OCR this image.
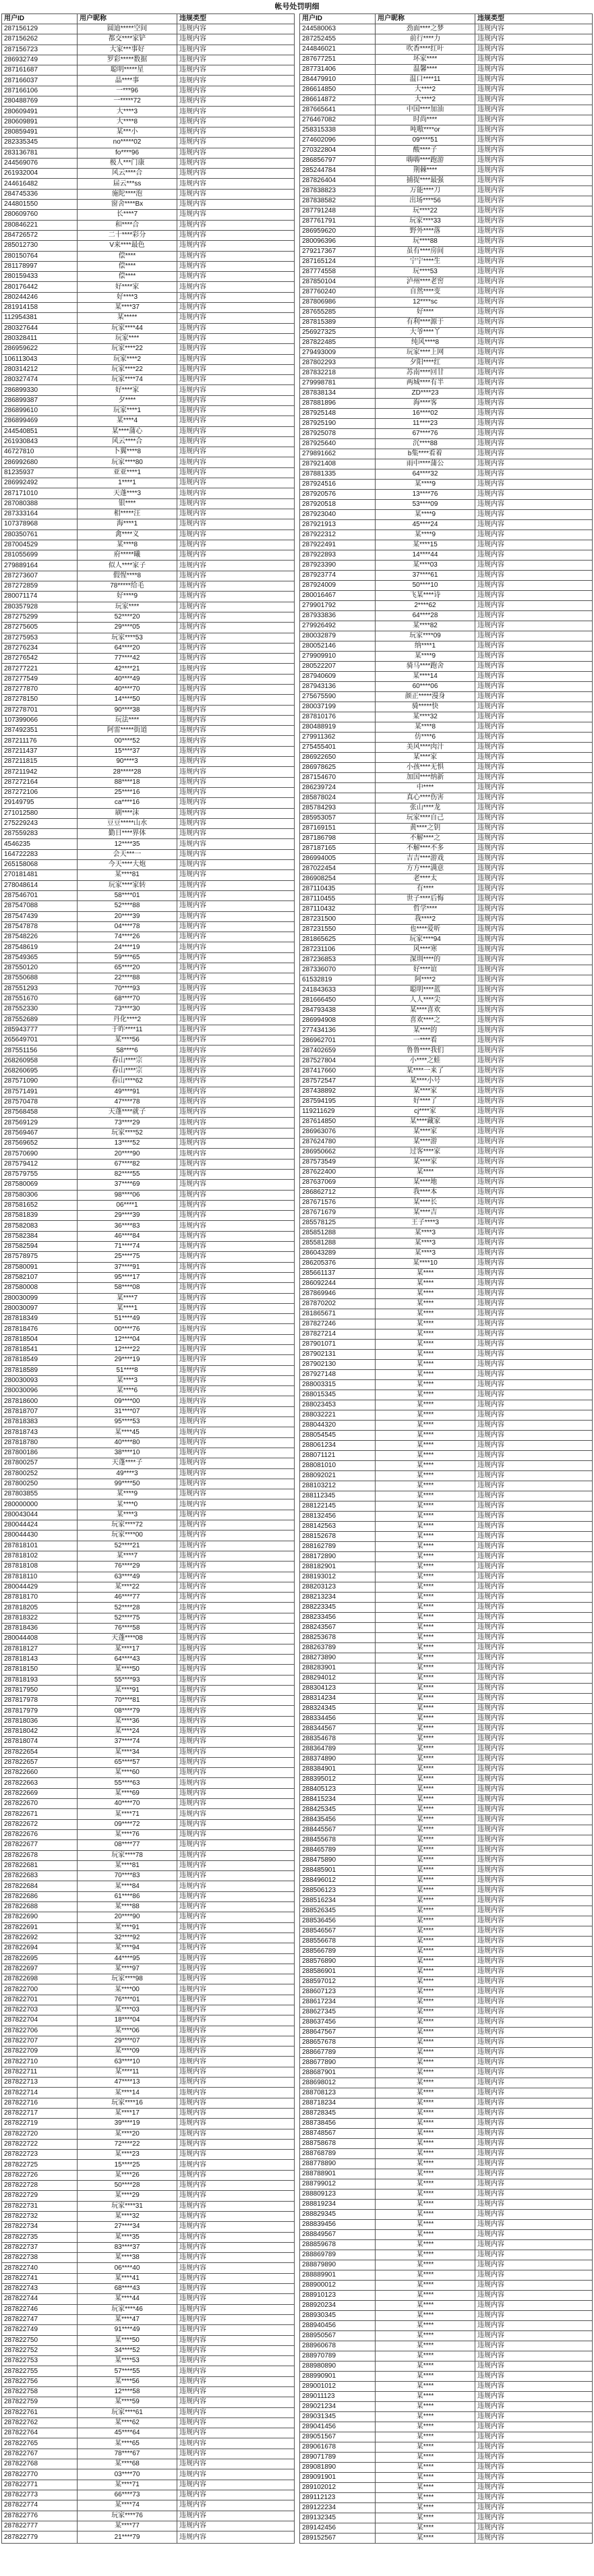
帐号处罚明细
用户ID	用户昵称	违规类型
287156129	圆迪*****空间	违规内容
287156262	都交****家铲	违规内容
287156723	大家***事好	违规内容
286932749	罗彩*****数据	违规内容
287161687	聪明*****星	违规内容
287166037	晶****事	违规内容
287166106	一***96	违规内容
280488769	一*****72	违规内容
280609491	大****3	违规内容
280609891	大****8	违规内容
280859491	某***小	违规内容
282335345	no*****02	违规内容
283136781	fo****96	违规内容
244569076	极人***门康	违规内容
261932004	风云****合	违规内容
244616482	届云***ss	违规内容
284745336	施陀****泡	违规内容
244801550	窗舍****Bx	违规内容
280609760	长****7	违规内容
280846221	和****合	违规内容
284726572	二十****彩分	违规内容
285012730	V来****最色	违规内容
280150764	偿****	违规内容
281178997	偿****	违规内容
280159433	偿****	违规内容
280176442	好****家	违规内容
280244246	好****3	违规内容
281914158	某****37	违规内容
112954381	某*****	违规内容
280327644	玩家****44	违规内容
280328411	玩家****	违规内容
286959622	玩家****22	违规内容
106113043	玩家****2	违规内容
280314212	玩家****22	违规内容
280327474	玩家****74	违规内容
286899330	好****家	违规内容
286899387	夕****	违规内容
286899610	玩家****1	违规内容
286899469	某****4	违规内容
244540851	某****蒲心	违规内容
261930843	风云****合	违规内容
46727810	卜翼****8	违规内容
286992680	玩家****80	违规内容
81235937	亚亚****1	违规内容
286992492	1****1	违规内容
287171010	天蓬****3	违规内容
287080388	银****	违规内容
287333164	相*****汪	违规内容
107378968	海****1	违规内容
280350761	禽****义	违规内容
287004529	某****8	违规内容
281055699	府*****曦	违规内容
279889164	似人****家子	违规内容
287273607	假惺****8	违规内容
287272859	78*****给毛	违规内容
280071174	好****9	违规内容
280357928	玩家****	违规内容
287275299	52****20	违规内容
287275605	29****05	违规内容
287275953	玩家****53	违规内容
287276234	64****20	违规内容
287276542	77****42	违规内容
287277221	42****21	违规内容
287277549	40****49	违规内容
287277870	40****70	违规内容
287278150	14****50	违规内容
287278701	90****38	违规内容
107399066	玩法****	违规内容
287492351	阿雷*****街道	违规内容
287211176	00****52	违规内容
287211437	15****37	违规内容
287211815	90****3	违规内容
287211942	28*****28	违规内容
287272164	88****18	违规内容
287272106	25****16	违规内容
29149795	ca****16	违规内容
271012580	刷****沫	违规内容
275229243	豆豆*****山水	违规内容
287559283	勤日****界体	违规内容
4546235	12****35	违规内容
164722283	会天***一	违规内容
265158068	今天****大炮	违规内容
270181481	某****81	违规内容
278048614	玩家****家转	违规内容
287546701	58****01	违规内容
287547088	52****88	违规内容
287547439	20****39	违规内容
287547878	04****78	违规内容
287548226	74****26	违规内容
287548619	24****19	违规内容
287549365	59****65	违规内容
287550120	65****20	违规内容
287550688	22****88	违规内容
287551293	70****93	违规内容
287551670	68****70	违规内容
287552330	73****30	违规内容
287552689	丹化****2	违规内容
285943777	于昨****11	违规内容
265649701	某****56	违规内容
287551156	58****6	违规内容
268260958	春山****宗	违规内容
268260695	春山****宗	违规内容
287571090	春山****62	违规内容
287571491	49****91	违规内容
287570478	47****78	违规内容
287568458	天蓬****就子	违规内容
287569129	73****29	违规内容
287569467	玩家****52	违规内容
287569652	13****52	违规内容
287570690	20****90	违规内容
287579412	67****82	违规内容
287579755	82****55	违规内容
287580069	37****69	违规内容
287580306	98****06	违规内容
287581652	06****1	违规内容
287581839	29****39	违规内容
287582083	36****83	违规内容
287582384	46****84	违规内容
287582594	71****74	违规内容
287578975	25****75	违规内容
287580091	37****91	违规内容
287582107	95****17	违规内容
287580008	58****08	违规内容
280030099	某****7	违规内容
280030097	某****1	违规内容
287818349	51****49	违规内容
287818476	00****76	违规内容
287818504	12****04	违规内容
287818541	12****22	违规内容
287818549	29****19	违规内容
287818589	51****8	违规内容
280030093	某****3	违规内容
280030096	某****6	违规内容
287818600	09****00	违规内容
287818707	31****07	违规内容
287818383	95****53	违规内容
287818743	某****45	违规内容
287818780	40****80	违规内容
287800186	38****10	违规内容
287800257	天蓬****子	违规内容
287800252	49****3	违规内容
287800250	99****50	违规内容
287803855	某****9	违规内容
280000000	某****0	违规内容
280043044	某****3	违规内容
280044424	玩家****72	违规内容
280044430	玩家****00	违规内容
287818101	52****21	违规内容
287818102	某****7	违规内容
287818108	76****29	违规内容
287818110	63****49	违规内容
280044429	某****22	违规内容
287818170	46****77	违规内容
287818205	52****28	违规内容
287818322	52****75	违规内容
287818436	76****58	违规内容
280044408	天蓬****08	违规内容
287818127	某****17	违规内容
287818143	64****43	违规内容
287818150	某****50	违规内容
287818193	55****93	违规内容
287817950	某****91	违规内容
287817978	70****81	违规内容
287817979	08****79	违规内容
287818036	某****36	违规内容
287818042	某****24	违规内容
287818074	37****74	违规内容
287822654	某****34	违规内容
287822657	65****57	违规内容
287822660	某****60	违规内容
287822663	55****63	违规内容
287822669	某****69	违规内容
287822670	40****70	违规内容
287822671	某****71	违规内容
287822672	09****72	违规内容
287822676	某****76	违规内容
287822677	08****77	违规内容
287822678	玩家****78	违规内容
287822681	某****81	违规内容
287822683	70****83	违规内容
287822684	某****84	违规内容
287822686	61****86	违规内容
287822688	某****88	违规内容
287822690	20****90	违规内容
287822691	某****91	违规内容
287822692	32****92	违规内容
287822694	某****94	违规内容
287822695	44****95	违规内容
287822697	某****97	违规内容
287822698	玩家****98	违规内容
287822700	某****00	违规内容
287822701	76****01	违规内容
287822703	某****03	违规内容
287822704	18****04	违规内容
287822706	某****06	违规内容
287822707	29****07	违规内容
287822709	某****09	违规内容
287822710	63****10	违规内容
287822711	某****11	违规内容
287822713	47****13	违规内容
287822714	某****14	违规内容
287822716	玩家****16	违规内容
287822717	某****17	违规内容
287822719	39****19	违规内容
287822720	某****20	违规内容
287822722	72****22	违规内容
287822723	某****23	违规内容
287822725	15****25	违规内容
287822726	某****26	违规内容
287822728	50****28	违规内容
287822729	某****29	违规内容
287822731	玩家****31	违规内容
287822732	某****32	违规内容
287822734	27****34	违规内容
287822735	某****35	违规内容
287822737	83****37	违规内容
287822738	某****38	违规内容
287822740	06****40	违规内容
287822741	某****41	违规内容
287822743	68****43	违规内容
287822744	某****44	违规内容
287822746	玩家****46	违规内容
287822747	某****47	违规内容
287822749	91****49	违规内容
287822750	某****50	违规内容
287822752	34****52	违规内容
287822753	某****53	违规内容
287822755	57****55	违规内容
287822756	某****56	违规内容
287822758	12****58	违规内容
287822759	某****59	违规内容
287822761	玩家****61	违规内容
287822762	某****62	违规内容
287822764	45****64	违规内容
287822765	某****65	违规内容
287822767	78****67	违规内容
287822768	某****68	违规内容
287822770	03****70	违规内容
287822771	某****71	违规内容
287822773	66****73	违规内容
287822774	某****74	违规内容
287822776	玩家****76	违规内容
287822777	某****77	违规内容
287822779	21****79	违规内容
用户ID	用户昵称	违规类型
244580063	劲面****之梦	违规内容
287252455	前行****力	违规内容
244846021	吹香****红叶	违规内容
287677251	坏家****	违规内容
287731406	温馨****	违规内容
284479910	温口****11	违规内容
286614850	大****2	违规内容
286614872	大****2	违规内容
287665641	中国****加油	违规内容
276467082	时尚****	违规内容
258315338	吨嗷****or	违规内容
274602096	09****51	违规内容
270322804	酸****子	违规内容
286856797	嗨嗨****跑游	违规内容
285244784	荆棘****	违规内容
287826404	捕捉****最强	违规内容
287838823	万能****刀	违规内容
287838582	出场****56	违规内容
287791248	玩****22	违规内容
287761791	玩家****33	违规内容
286959620	野外****落	违规内容
280096396	玩****88	违规内容
279217367	虽有****房间	违规内容
287165124	宁宁****生	违规内容
287774558	玩****53	违规内容
287850104	泸州****老窖	违规内容
287760240	自然****变	违规内容
287806986	12****sc	违规内容
287655285	好****	违规内容
287815389	有利****源于	违规内容
256927325	大爷****丫	违规内容
287822485	纯风****8	违规内容
279493009	玩家****上网	违规内容
287802293	夕阳****红	违规内容
287832218	苏南****回甘	违规内容
279998781	两城****有半	违规内容
287838134	ZD****23	违规内容
287881896	海****客	违规内容
287925148	16****02	违规内容
287925190	11****23	违规内容
287925078	67****76	违规内容
287925640	沉****88	违规内容
279891662	b集****看着	违规内容
287921408	雨中****蒲公	违规内容
287881335	64****32	违规内容
287924516	某****9	违规内容
287920576	13****76	违规内容
287920518	53****09	违规内容
287923040	某****9	违规内容
287921913	45****24	违规内容
287922312	某****9	违规内容
287922491	某****15	违规内容
287922893	14****44	违规内容
287923390	某****03	违规内容
287923774	37****61	违规内容
287924009	50****10	违规内容
280016467	飞某****诗	违规内容
279901792	2****62	违规内容
287933836	64****28	违规内容
279926492	某****82	违规内容
280032879	玩家****09	违规内容
280052146	纳****1	违规内容
279909910	某****9	违规内容
280522207	骑马****跑舍	违规内容
287940609	某****14	违规内容
287943136	60****06	违规内容
275675590	颜正*****漫身	违规内容
280037199	骑*****快	违规内容
287810176	某****32	违规内容
280488919	某****8	违规内容
279911362	仿****6	违规内容
275455401	美风****肉汁	违规内容
286922650	某****家	违规内容
286978625	小孩****无惧	违规内容
287154670	加国****纳新	违规内容
286239724	中****	违规内容
285878024	真心****伤害	违规内容
285784293	张山****龙	违规内容
285953057	玩家****自己	违规内容
287169151	黄****之钥	违规内容
287186798	不解****之	违规内容
287187165	不解****不多	违规内容
286994005	吉吉****游戏	违规内容
287022454	方方****满意	违规内容
286908254	老****太	违规内容
287110435	有****	违规内容
287110455	世子****后悔	违规内容
287110432	哲学****	违规内容
287231500	我****2	违规内容
287231550	也****爱听	违规内容
281865625	玩家****94	违规内容
287231106	风****寒	违规内容
287236853	深圳****的	违规内容
287336070	好****谊	违规内容
61532819	阿****2	违规内容
241843633	聪明****蓝	违规内容
281666450	人人****尖	违规内容
284793438	某****喜欢	违规内容
286994908	喜欢****之	违规内容
277434136	某****的	违规内容
286962701	一****看	违规内容
287402659	鲁鲁****我们	违规内容
287527804	小****之蛙	违规内容
287417660	某****一来了	违规内容
287572547	某****小号	违规内容
287438892	某****家	违规内容
287594195	好****了	违规内容
119211629	cj****家	违规内容
287614850	某****藏家	违规内容
286963076	某****家	违规内容
287624780	某****游	违规内容
286950662	过客****家	违规内容
287573549	某****家	违规内容
287622400	某****	违规内容
287637069	某****地	违规内容
286862712	我****本	违规内容
287671576	某****长	违规内容
287671679	某****吉	违规内容
285578125	王子****3	违规内容
285851288	某****3	违规内容
285581288	某****3	违规内容
286043289	某****3	违规内容
286205376	某****10	违规内容
285661137	某****	违规内容
286092244	某****	违规内容
287869946	某****	违规内容
287870202	某****	违规内容
281865671	某****	违规内容
287827246	某****	违规内容
287827214	某****	违规内容
287901071	某****	违规内容
287902131	某****	违规内容
287902130	某****	违规内容
287927148	某****	违规内容
288003315	某****	违规内容
288015345	某****	违规内容
288023453	某****	违规内容
288032221	某****	违规内容
288044320	某****	违规内容
288054545	某****	违规内容
288061234	某****	违规内容
288071121	某****	违规内容
288081010	某****	违规内容
288092021	某****	违规内容
288103212	某****	违规内容
288112345	某****	违规内容
288122145	某****	违规内容
288132456	某****	违规内容
288142563	某****	违规内容
288152678	某****	违规内容
288162789	某****	违规内容
288172890	某****	违规内容
288182901	某****	违规内容
288193012	某****	违规内容
288203123	某****	违规内容
288213234	某****	违规内容
288223345	某****	违规内容
288233456	某****	违规内容
288243567	某****	违规内容
288253678	某****	违规内容
288263789	某****	违规内容
288273890	某****	违规内容
288283901	某****	违规内容
288294012	某****	违规内容
288304123	某****	违规内容
288314234	某****	违规内容
288324345	某****	违规内容
288334456	某****	违规内容
288344567	某****	违规内容
288354678	某****	违规内容
288364789	某****	违规内容
288374890	某****	违规内容
288384901	某****	违规内容
288395012	某****	违规内容
288405123	某****	违规内容
288415234	某****	违规内容
288425345	某****	违规内容
288435456	某****	违规内容
288445567	某****	违规内容
288455678	某****	违规内容
288465789	某****	违规内容
288475890	某****	违规内容
288485901	某****	违规内容
288496012	某****	违规内容
288506123	某****	违规内容
288516234	某****	违规内容
288526345	某****	违规内容
288536456	某****	违规内容
288546567	某****	违规内容
288556678	某****	违规内容
288566789	某****	违规内容
288576890	某****	违规内容
288586901	某****	违规内容
288597012	某****	违规内容
288607123	某****	违规内容
288617234	某****	违规内容
288627345	某****	违规内容
288637456	某****	违规内容
288647567	某****	违规内容
288657678	某****	违规内容
288667789	某****	违规内容
288677890	某****	违规内容
288687901	某****	违规内容
288698012	某****	违规内容
288708123	某****	违规内容
288718234	某****	违规内容
288728345	某****	违规内容
288738456	某****	违规内容
288748567	某****	违规内容
288758678	某****	违规内容
288768789	某****	违规内容
288778890	某****	违规内容
288788901	某****	违规内容
288799012	某****	违规内容
288809123	某****	违规内容
288819234	某****	违规内容
288829345	某****	违规内容
288839456	某****	违规内容
288849567	某****	违规内容
288859678	某****	违规内容
288869789	某****	违规内容
288879890	某****	违规内容
288889901	某****	违规内容
288900012	某****	违规内容
288910123	某****	违规内容
288920234	某****	违规内容
288930345	某****	违规内容
288940456	某****	违规内容
288950567	某****	违规内容
288960678	某****	违规内容
288970789	某****	违规内容
288980890	某****	违规内容
288990901	某****	违规内容
289001012	某****	违规内容
289011123	某****	违规内容
289021234	某****	违规内容
289031345	某****	违规内容
289041456	某****	违规内容
289051567	某****	违规内容
289061678	某****	违规内容
289071789	某****	违规内容
289081890	某****	违规内容
289091901	某****	违规内容
289102012	某****	违规内容
289112123	某****	违规内容
289122234	某****	违规内容
289132345	某****	违规内容
289142456	某****	违规内容
289152567	某****	违规内容
